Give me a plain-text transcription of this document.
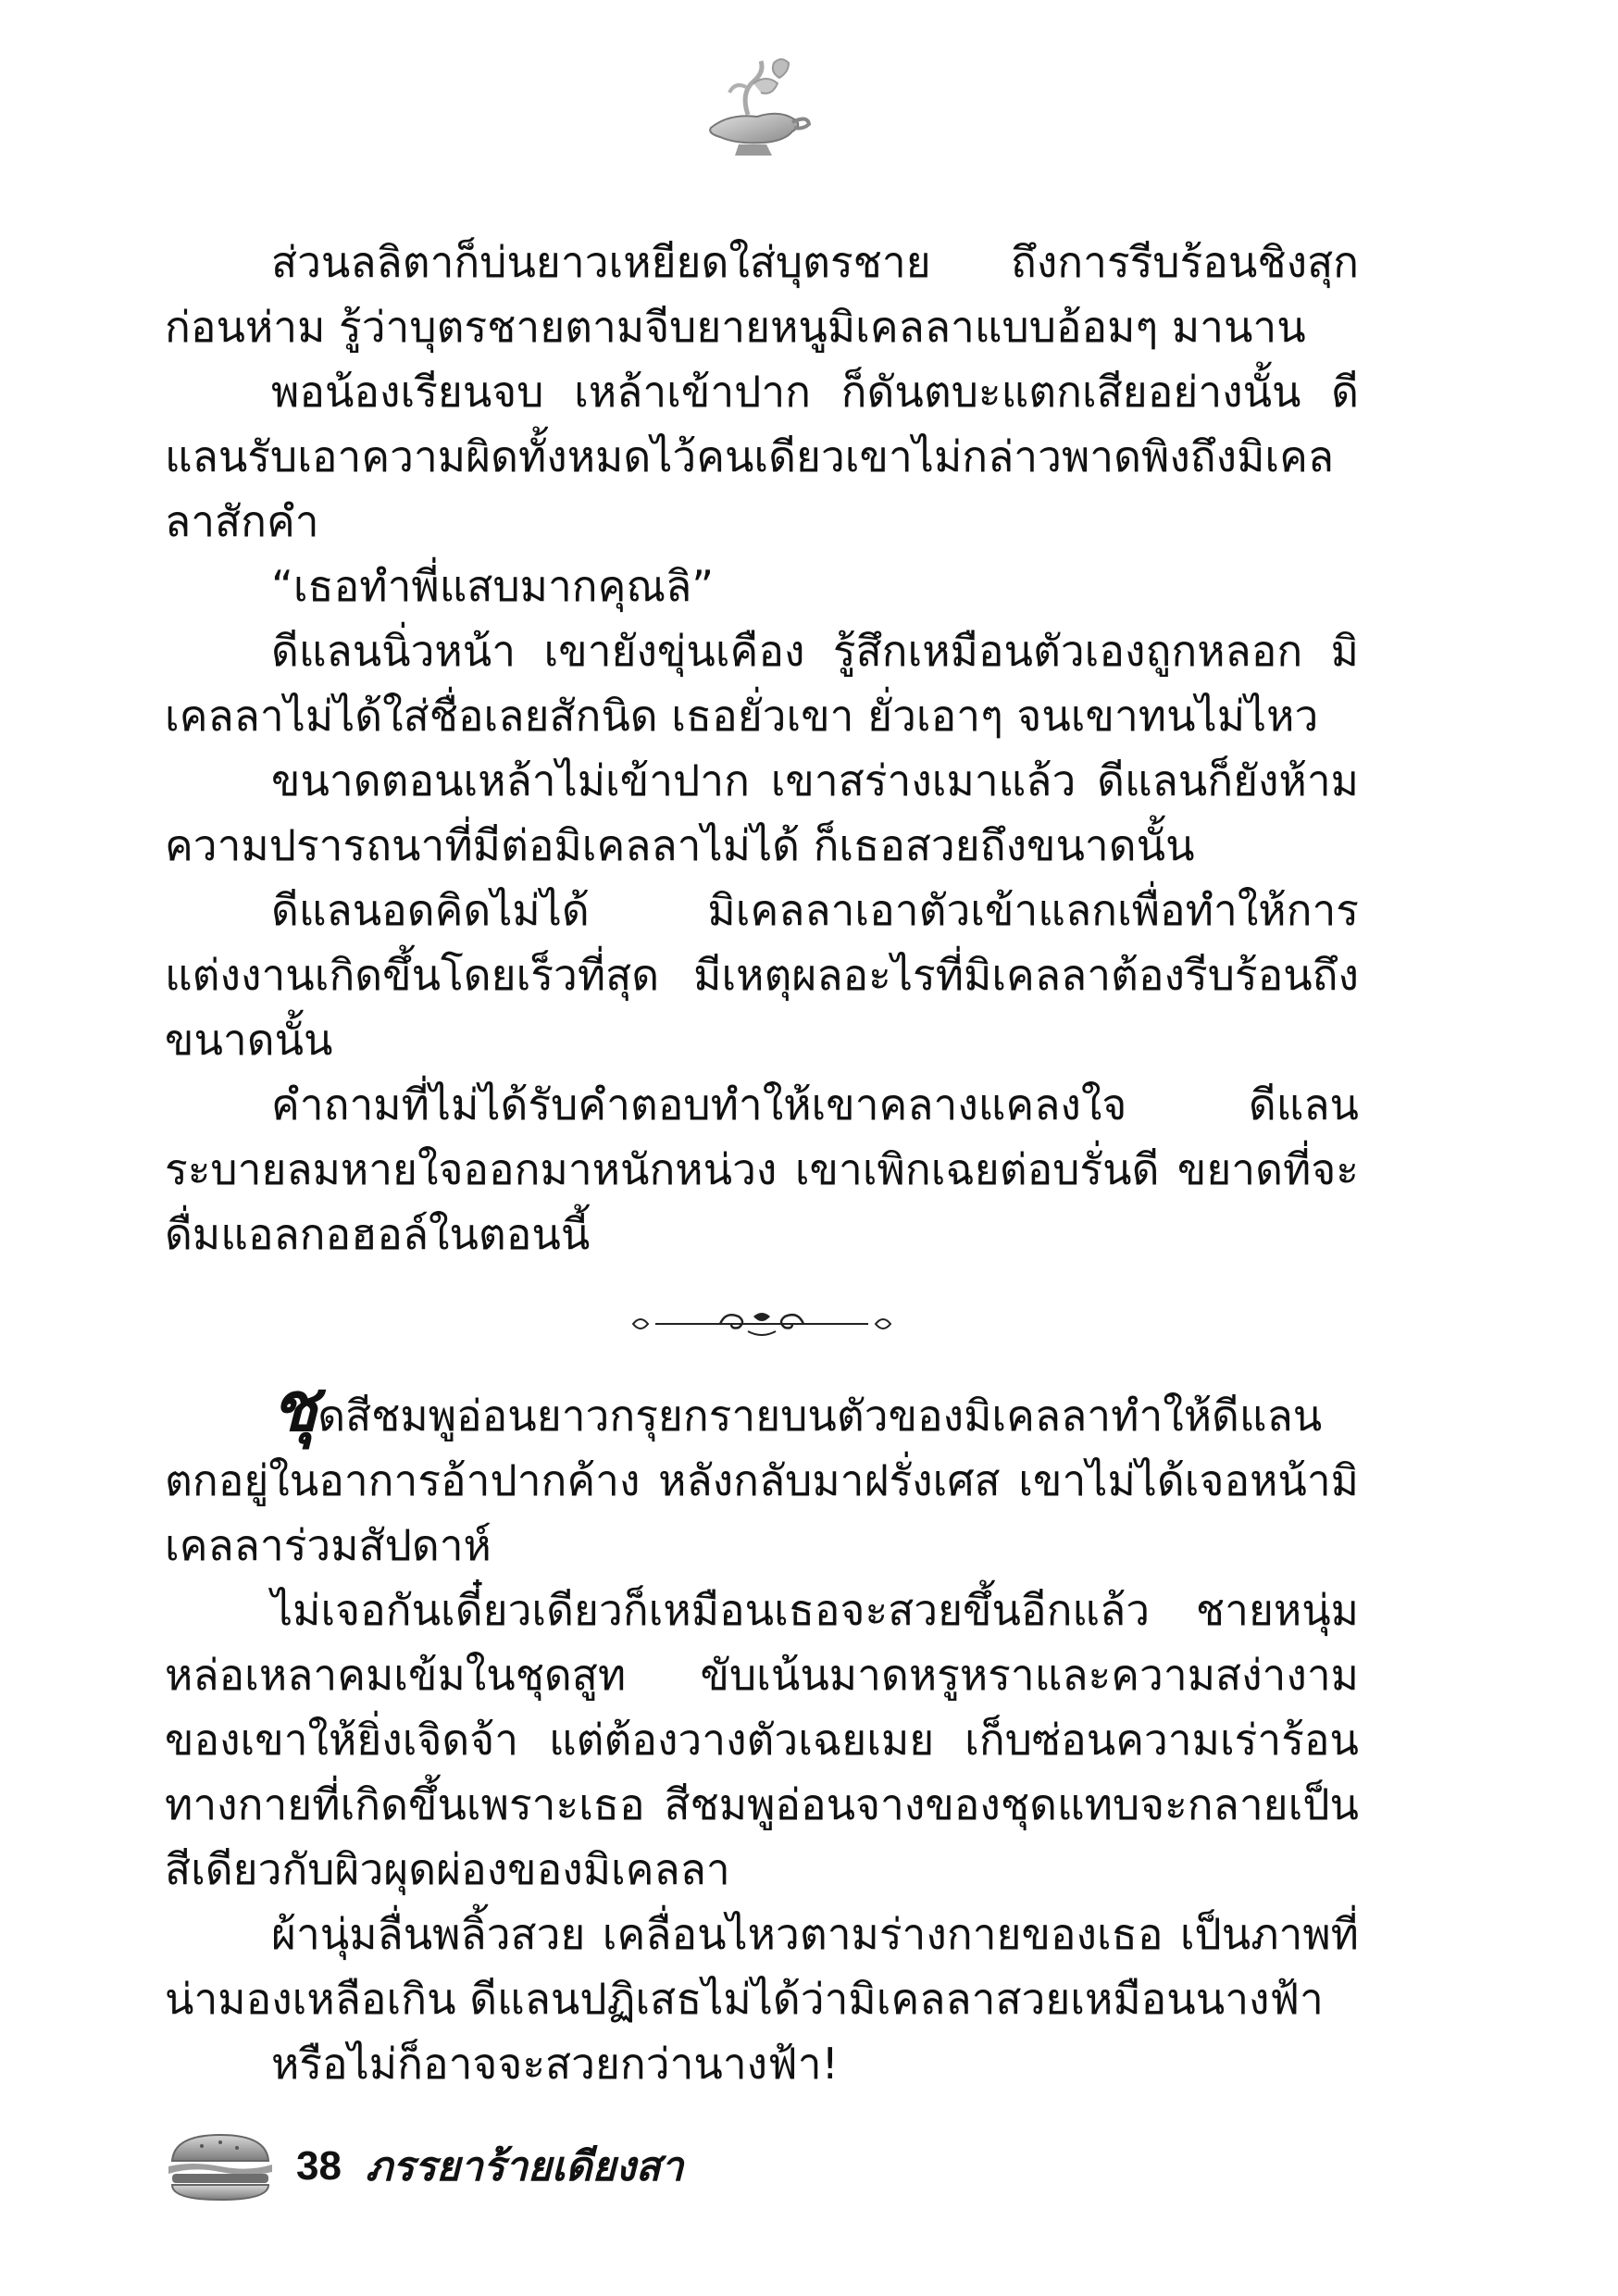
ส่วนลลิตาก็บ่นยาวเหยียดใส่บุตรชาย ถึงการรีบร้อนชิงสุกก่อนห่าม รู้ว่าบุตรชายตามจีบยายหนูมิเคลลาแบบอ้อมๆ มานาน

พอน้องเรียนจบ เหล้าเข้าปาก ก็ดันตบะแตกเสียอย่างนั้น ดีแลนรับเอาความผิดทั้งหมดไว้คนเดียวเขาไม่กล่าวพาดพิงถึงมิเคลลาสักคำ

“เธอทำพี่แสบมากคุณลิ”

ดีแลนนิ่วหน้า เขายังขุ่นเคือง รู้สึกเหมือนตัวเองถูกหลอก มิเคลลาไม่ได้ใส่ชื่อเลยสักนิด เธอยั่วเขา ยั่วเอาๆ จนเขาทนไม่ไหว

ขนาดตอนเหล้าไม่เข้าปาก เขาสร่างเมาแล้ว ดีแลนก็ยังห้ามความปรารถนาที่มีต่อมิเคลลาไม่ได้ ก็เธอสวยถึงขนาดนั้น

ดีแลนอดคิดไม่ได้ มิเคลลาเอาตัวเข้าแลกเพื่อทำให้การแต่งงานเกิดขึ้นโดยเร็วที่สุด มีเหตุผลอะไรที่มิเคลลาต้องรีบร้อนถึงขนาดนั้น

คำถามที่ไม่ได้รับคำตอบทำให้เขาคลางแคลงใจ ดีแลนระบายลมหายใจออกมาหนักหน่วง เขาเพิกเฉยต่อบรั่นดี ขยาดที่จะดื่มแอลกอฮอล์ในตอนนี้

ชุดสีชมพูอ่อนยาวกรุยกรายบนตัวของมิเคลลาทำให้ดีแลนตกอยู่ในอาการอ้าปากค้าง หลังกลับมาฝรั่งเศส เขาไม่ได้เจอหน้ามิเคลลาร่วมสัปดาห์

ไม่เจอกันเดี๋ยวเดียวก็เหมือนเธอจะสวยขึ้นอีกแล้ว ชายหนุ่มหล่อเหลาคมเข้มในชุดสูท ขับเน้นมาดหรูหราและความสง่างามของเขาให้ยิ่งเจิดจ้า แต่ต้องวางตัวเฉยเมย เก็บซ่อนความเร่าร้อนทางกายที่เกิดขึ้นเพราะเธอ สีชมพูอ่อนจางของชุดแทบจะกลายเป็นสีเดียวกับผิวผุดผ่องของมิเคลลา

ผ้านุ่มลื่นพลิ้วสวย เคลื่อนไหวตามร่างกายของเธอ เป็นภาพที่น่ามองเหลือเกิน ดีแลนปฏิเสธไม่ได้ว่ามิเคลลาสวยเหมือนนางฟ้า

หรือไม่ก็อาจจะสวยกว่านางฟ้า!

38 ภรรยาร้ายเดียงสา
